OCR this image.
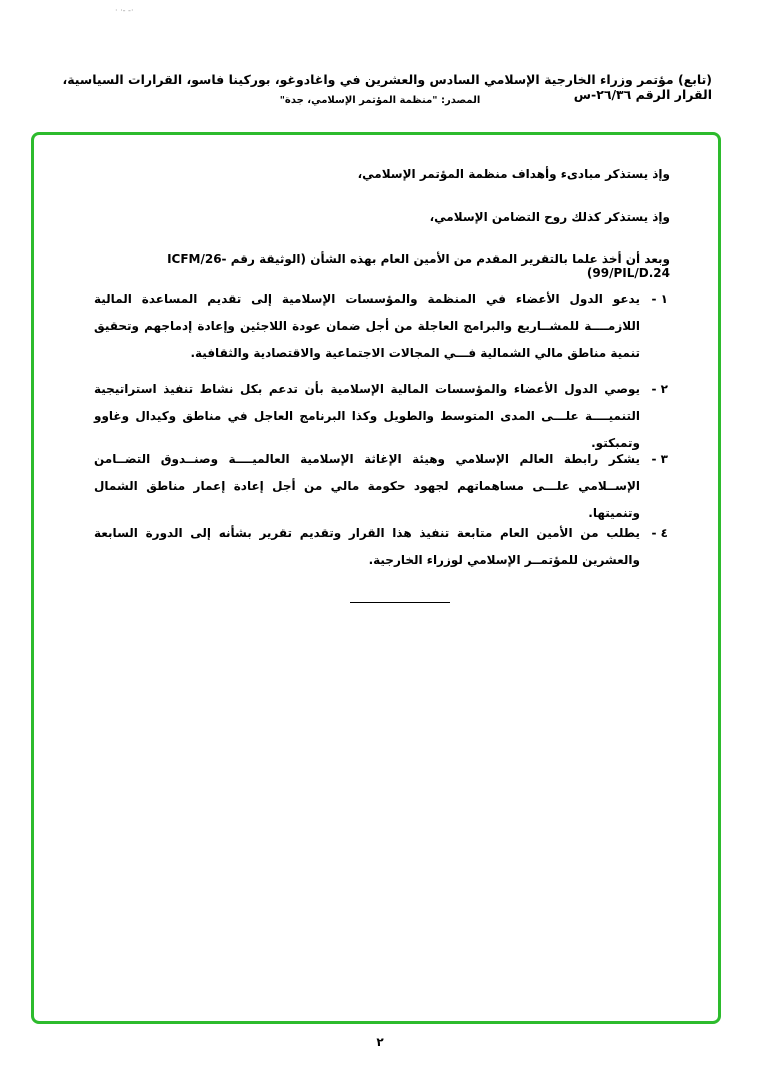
· ·- -·
(تابع) مؤتمر وزراء الخارجية الإسلامي السادس والعشرين في واغادوغو، بوركينا فاسو، القرارات السياسية، القرار الرقم ٢٦/٣٦-س
المصدر: "منظمة المؤتمر الإسلامي، جدة"
وإذ يستذكر مبادىء وأهداف منظمة المؤتمر الإسلامي،
وإذ يستذكر كذلك روح التضامن الإسلامي،
وبعد أن أخذ علما بالتقرير المقدم من الأمين العام بهذه الشأن (الوثيقة رقم ICFM/26-99/PIL/D.24)
١ -
يدعو الدول الأعضاء في المنظمة والمؤسسات الإسلامية إلى تقديم المساعدة المالية اللازمــــة للمشــاريع والبرامج العاجلة من أجل ضمان عودة اللاجئين وإعادة إدماجهم وتحقيق تنمية مناطق مالي الشمالية فـــي المجالات الاجتماعية والاقتصادية والثقافية.
٢ -
يوصي الدول الأعضاء والمؤسسات المالية الإسلامية بأن تدعم بكل نشاط تنفيذ استراتيجية التنميــــة علـــى المدى المتوسط والطويل وكذا البرنامج العاجل في مناطق وكيدال وغاوو وتمبكتو.
٣ -
يشكر رابطة العالم الإسلامي وهيئة الإغاثة الإسلامية العالميــــة وصنــدوق التضــامن الإســلامي علـــى مساهماتهم لجهود حكومة مالي من أجل إعادة إعمار مناطق الشمال وتنميتها.
٤ -
يطلب من الأمين العام متابعة تنفيذ هذا القرار وتقديم تقرير بشأنه إلى الدورة السابعة والعشرين للمؤتمــر الإسلامي لوزراء الخارجية.
٢
